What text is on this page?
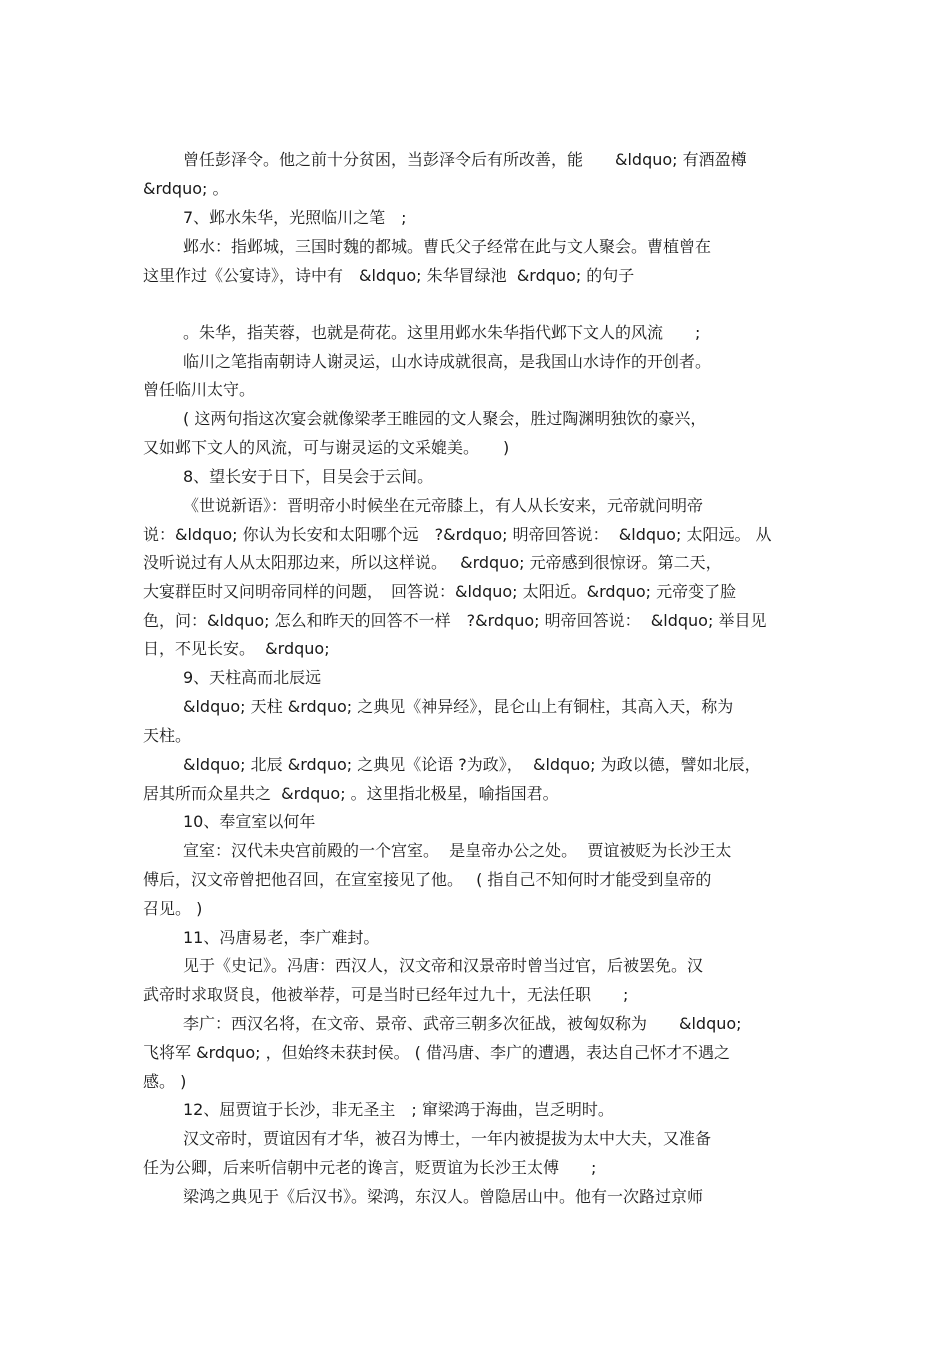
曾任彭泽令。他之前十分贫困，当彭泽令后有所改善，能　　&ldquo; 有酒盈樽

&rdquo; 。

7、邺水朱华，光照临川之笔　;

邺水：指邺城，三国时魏的都城。曹氏父子经常在此与文人聚会。曹植曾在

这里作过《公宴诗》，诗中有　&ldquo; 朱华冒绿池  &rdquo; 的句子

。朱华，指芙蓉，也就是荷花。这里用邺水朱华指代邺下文人的风流　　;

临川之笔指南朝诗人谢灵运，山水诗成就很高，是我国山水诗作的开创者。

曾任临川太守。

( 这两句指这次宴会就像梁孝王睢园的文人聚会，胜过陶渊明独饮的豪兴，

又如邺下文人的风流，可与谢灵运的文采媲美。　　)

8、望长安于日下，目吴会于云间。

《世说新语》：晋明帝小时候坐在元帝膝上，有人从长安来，元帝就问明帝

说：&ldquo; 你认为长安和太阳哪个远　?&rdquo; 明帝回答说：  &ldquo; 太阳远。 从

没听说过有人从太阳那边来，所以这样说。　 &rdquo; 元帝感到很惊讶。第二天，

大宴群臣时又问明帝同样的问题，　回答说：&ldquo; 太阳近。&rdquo; 元帝变了脸

色，问：&ldquo; 怎么和昨天的回答不一样　?&rdquo; 明帝回答说：  &ldquo; 举目见

日，不见长安。  &rdquo;

9、天柱高而北辰远

&ldquo; 天柱 &rdquo; 之典见《神异经》，昆仑山上有铜柱，其高入天，称为

天柱。

&ldquo; 北辰 &rdquo; 之典见《论语 ?为政》，  &ldquo; 为政以德，譬如北辰，

居其所而众星共之  &rdquo; 。这里指北极星，喻指国君。

10、奉宣室以何年

宣室：汉代未央宫前殿的一个宫室。  是皇帝办公之处。  贾谊被贬为长沙王太

傅后，汉文帝曾把他召回，在宣室接见了他。　 ( 指自己不知何时才能受到皇帝的

召见。 )

11、冯唐易老，李广难封。

见于《史记》。冯唐：西汉人，汉文帝和汉景帝时曾当过官，后被罢免。汉

武帝时求取贤良，他被举荐，可是当时已经年过九十，无法任职　　;

李广：西汉名将，在文帝、景帝、武帝三朝多次征战，被匈奴称为　　&ldquo;

飞将军 &rdquo; ，但始终未获封侯。 ( 借冯唐、李广的遭遇，表达自己怀才不遇之

感。 )

12、屈贾谊于长沙，非无圣主　; 窜梁鸿于海曲，岂乏明时。

汉文帝时，贾谊因有才华，被召为博士，一年内被提拔为太中大夫，又准备

任为公卿，后来听信朝中元老的谗言，贬贾谊为长沙王太傅　　;

梁鸿之典见于《后汉书》。梁鸿，东汉人。曾隐居山中。他有一次路过京师
